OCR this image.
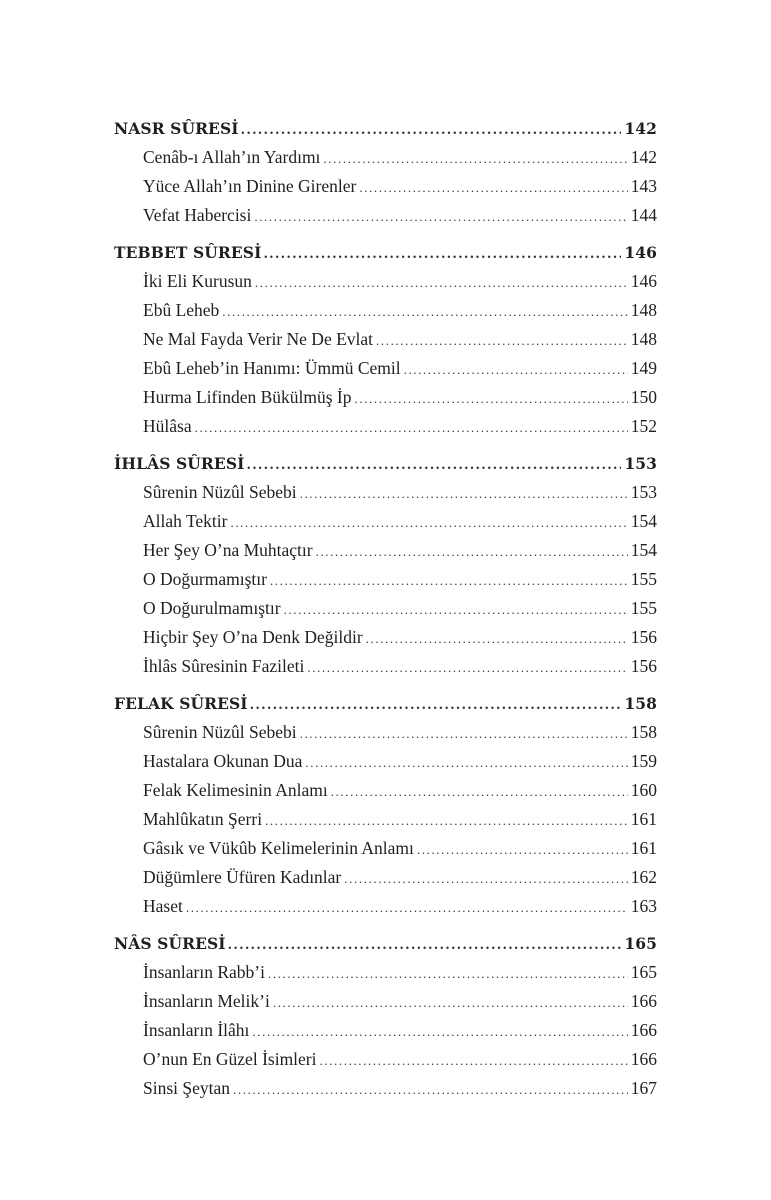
NASR SÛRESİ .....	142
Cenâb-ı Allah’ın Yardımı .....	142
Yüce Allah’ın Dinine Girenler .....	143
Vefat Habercisi .....	144
TEBBET SÛRESİ .....	146
İki Eli Kurusun .....	146
Ebû Leheb .....	148
Ne Mal Fayda Verir Ne De Evlat .....	148
Ebû Leheb’in Hanımı: Ümmü Cemil .....	149
Hurma Lifinden Bükülmüş İp .....	150
Hülâsa .....	152
İHLÂS SÛRESİ .....	153
Sûrenin Nüzûl Sebebi .....	153
Allah Tektir .....	154
Her Şey O’na Muhtaçtır .....	154
O Doğurmamıştır .....	155
O Doğurulmamıştır .....	155
Hiçbir Şey O’na Denk Değildir .....	156
İhlâs Sûresinin Fazileti .....	156
FELAK SÛRESİ .....	158
Sûrenin Nüzûl Sebebi .....	158
Hastalara Okunan Dua .....	159
Felak Kelimesinin Anlamı .....	160
Mahlûkatın Şerri .....	161
Gâsık ve Vükûb Kelimelerinin Anlamı .....	161
Düğümlere Üfüren Kadınlar .....	162
Haset .....	163
NÂS SÛRESİ .....	165
İnsanların Rabb’i .....	165
İnsanların Melik’i .....	166
İnsanların İlâhı .....	166
O’nun En Güzel İsimleri .....	166
Sinsi Şeytan .....	167
